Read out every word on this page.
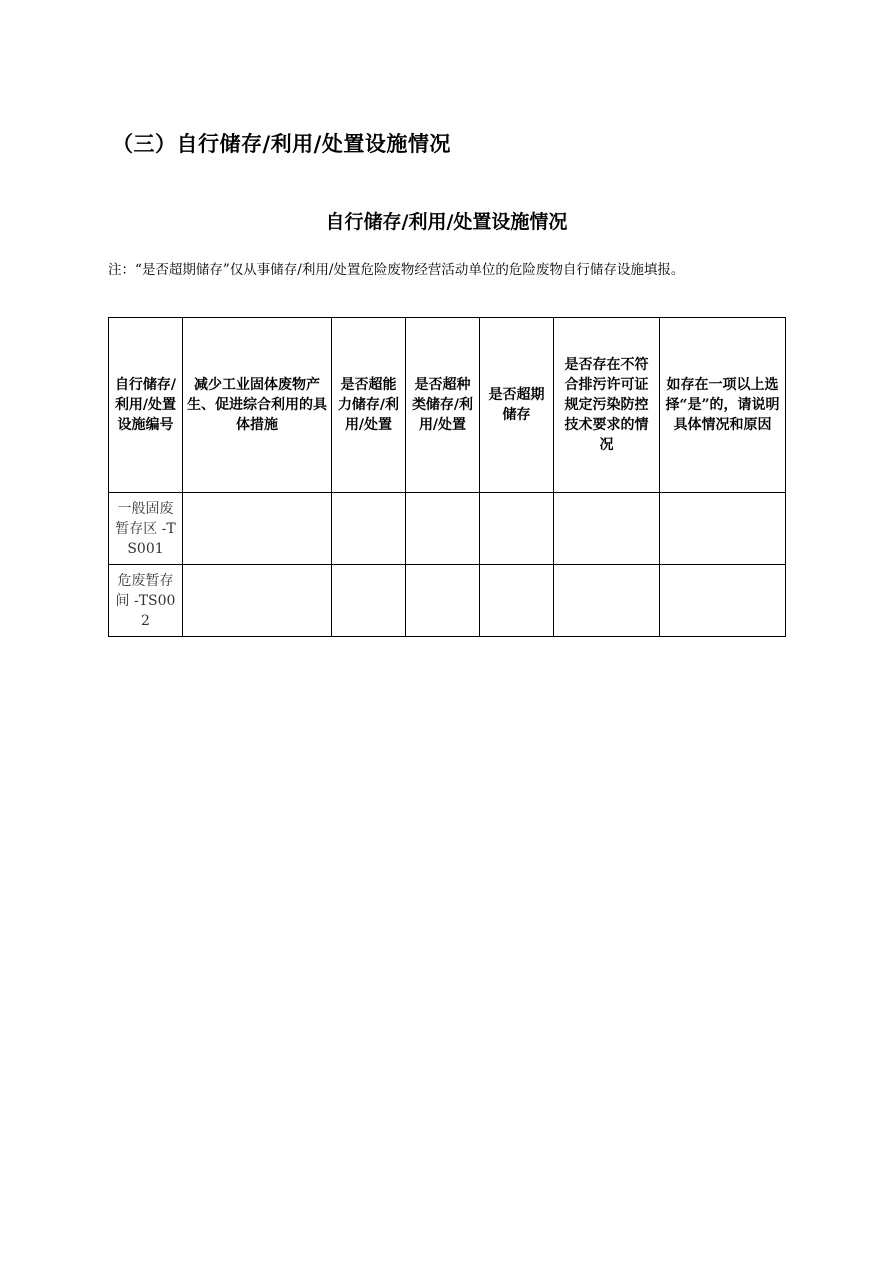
（三）自行储存/利用/处置设施情况
自行储存/利用/处置设施情况
注：“是否超期储存”仅从事储存/利用/处置危险废物经营活动单位的危险废物自行储存设施填报。
自行储存/利用/处置设施编号	减少工业固体废物产生、促进综合利用的具体措施	是否超能力储存/利用/处置	是否超种类储存/利用/处置	是否超期储存	是否存在不符合排污许可证规定污染防控技术要求的情况	如存在一项以上选择“是”的，请说明具体情况和原因
一般固废暂存区 -TS001						
危废暂存间 -TS002						
